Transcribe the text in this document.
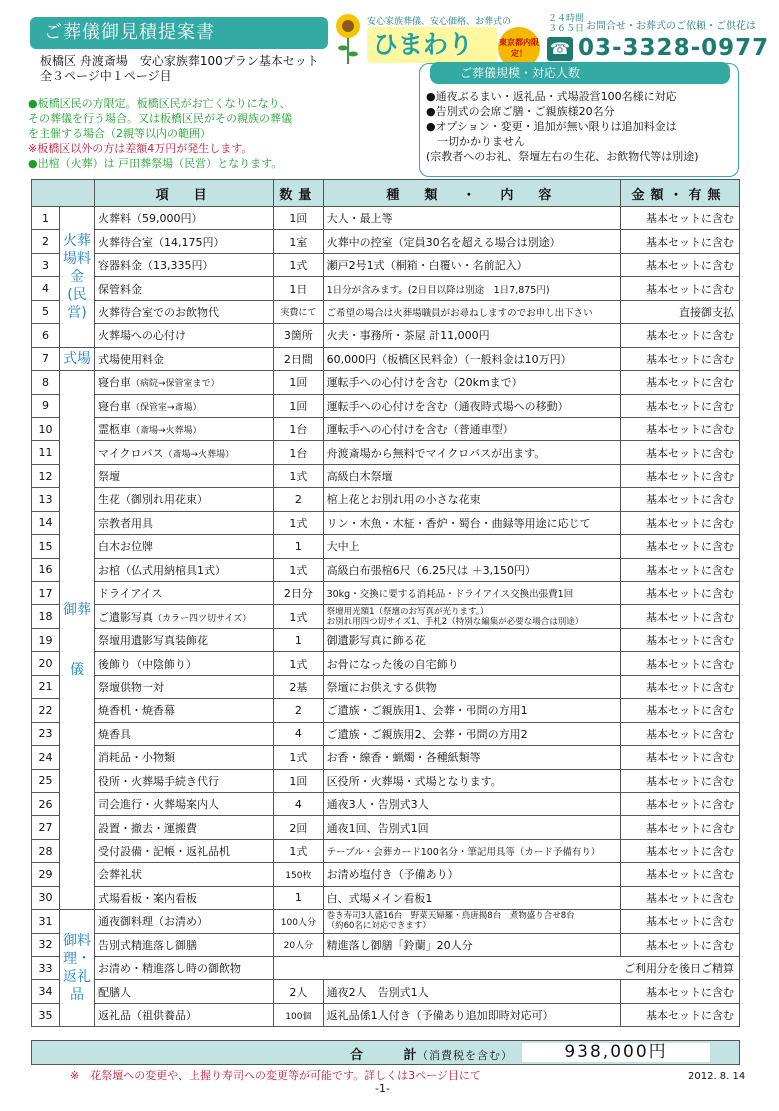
ご葬儀御見積提案書
板橋区 舟渡斎場　安心家族葬100プラン基本セット
全３ページ中１ページ目
安心家族葬儀、安心価格、お葬式の
ひまわり	東京都内限定！
２４時間
３６５日
☎
お問合せ・お葬式のご依頼・ご供花は
03-3328-0977
ご葬儀規模・対応人数
●通夜ぶるまい・返礼品・式場設営100名様に対応
●告別式の会席ご膳・ご親族様20名分
●オプション・変更・追加が無い限りは追加料金は
　一切かかりません
(宗教者へのお礼、祭壇左右の生花、お飲物代等は別途)
●板橋区民の方限定。板橋区民がお亡くなりになり、
その葬儀を行う場合。又は板橋区民がその親族の葬儀
を主催する場合（2親等以内の範囲）
※板橋区以外の方は差額4万円が発生します。
●出棺（火葬）は 戸田葬祭場（民営）となります。
		項　目	数量	種　類　・　内　容	金額・有無
1	火葬場料金(民営)	火葬料（59,000円）	1回	大人・最上等	基本セットに含む
2		火葬待合室（14,175円）	1室	火葬中の控室（定員30名を超える場合は別途）	基本セットに含む
3		容器料金（13,335円）	1式	瀬戸2号1式（桐箱・白覆い・名前記入）	基本セットに含む
4		保管料金	1日	1日分が含みます。(2日目以降は別途　1日7,875円)	基本セットに含む
5		火葬待合室でのお飲物代	実費にて	ご希望の場合は火葬場職員がお尋ねしますのでお申し出下さい	直接御支払
6		火葬場への心付け	3箇所	火夫・事務所・茶屋 計11,000円	基本セットに含む
7	式場	式場使用料金	2日間	60,000円（板橋区民料金）（一般料金は10万円）	基本セットに含む
8	御葬儀	寝台車（病院→保管室まで）	1回	運転手への心付けを含む（20kmまで）	基本セットに含む
9		寝台車（保管室→斎場）	1回	運転手への心付けを含む（通夜時式場への移動）	基本セットに含む
10		霊柩車（斎場→火葬場）	1台	運転手への心付けを含む（普通車型）	基本セットに含む
11		マイクロバス（斎場→火葬場）	1台	舟渡斎場から無料でマイクロバスが出ます。	基本セットに含む
12		祭壇	1式	高級白木祭壇	基本セットに含む
13		生花（御別れ用花束）	2	棺上花とお別れ用の小さな花束	基本セットに含む
14		宗教者用具	1式	リン・木魚・木柾・香炉・蜀台・曲録等用途に応じて	基本セットに含む
15		白木お位牌	1	大中上	基本セットに含む
16		お棺（仏式用納棺具1式）	1式	高級白布張棺6尺（6.25尺は ＋3,150円）	基本セットに含む
17		ドライアイス	2日分	30kg・交換に要する消耗品・ドライアイス交換出張費1回	基本セットに含む
18		ご遺影写真（カラー四ツ切サイズ）	1式	祭壇用光額1（祭壇のお写真が光ります。）
お別れ用四つ切サイズ1、手札2（特別な編集が必要な場合は別途）	基本セットに含む
19		祭壇用遺影写真装飾花	1	御遺影写真に飾る花	基本セットに含む
20		後飾り（中陰飾り）	1式	お骨になった後の自宅飾り	基本セットに含む
21		祭壇供物一対	2基	祭壇にお供えする供物	基本セットに含む
22		焼香机・焼香幕	2	ご遺族・ご親族用1、会葬・弔問の方用1	基本セットに含む
23		焼香具	4	ご遺族・ご親族用2、会葬・弔問の方用2	基本セットに含む
24		消耗品・小物類	1式	お香・線香・蝋燭・各種紙類等	基本セットに含む
25		役所・火葬場手続き代行	1回	区役所・火葬場・式場となります。	基本セットに含む
26		司会進行・火葬場案内人	4	通夜3人・告別式3人	基本セットに含む
27		設置・撤去・運搬費	2回	通夜1回、告別式1回	基本セットに含む
28		受付設備・記帳・返礼品机	1式	テーブル・会葬カード100名分・筆記用具等（カード予備有り）	基本セットに含む
29		会葬礼状	150枚	お清め塩付き（予備あり）	基本セットに含む
30		式場看板・案内看板	1	白、式場メイン看板1	基本セットに含む
31	御料理・返礼品	通夜御料理（お清め）	100人分	巻き寿司3人盛16台　野菜天婦羅・鳥唐揚8台　煮物盛り合せ8台
（約60名に対応できます）	基本セットに含む
32		告別式精進落し御膳	20人分	精進落し御膳「鈴蘭」20人分	基本セットに含む
33		お清め・精進落し時の御飲物	ご利用分を後日ご精算		
34		配膳人	2人	通夜2人　告別式1人	基本セットに含む
35		返礼品（祖供養品）	100個	返礼品係1人付き（予備あり追加即時対応可）	基本セットに含む
合 計
（消費税を含む）	938,000円
※　花祭壇への変更や、上握り寿司への変更等が可能です。詳しくは3ページ目にて
-1-
2012. 8. 14
